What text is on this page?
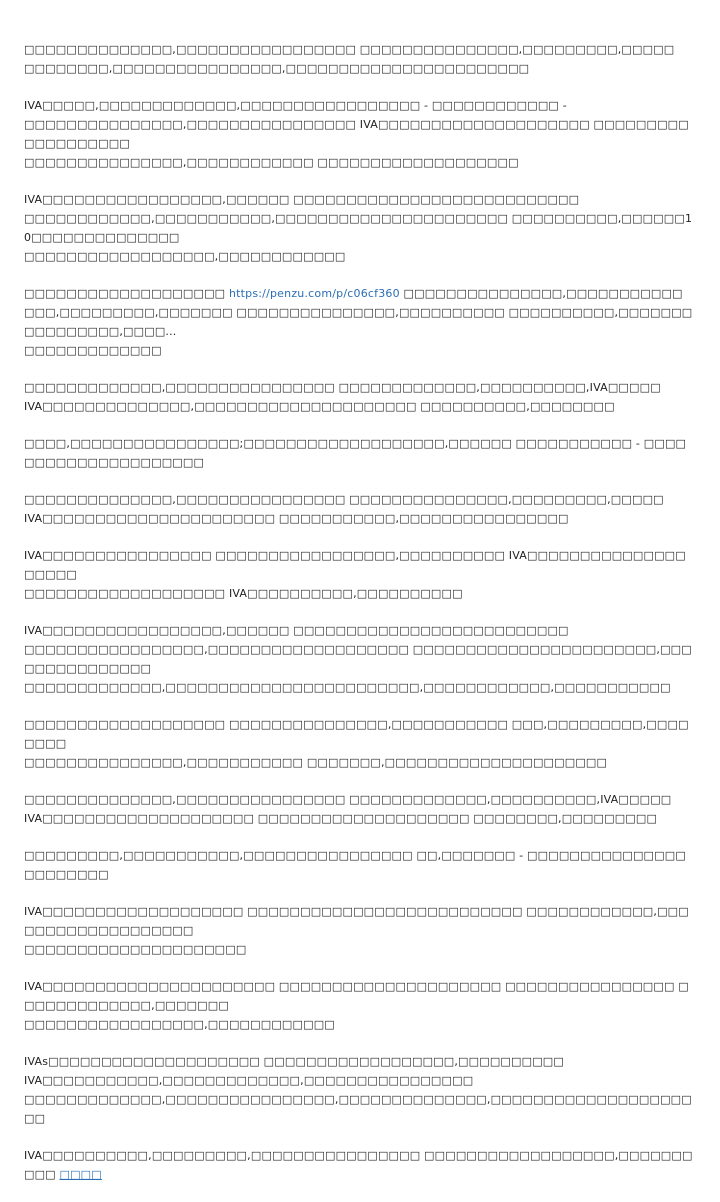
□□□□□□□□□□□□□□,□□□□□□□□□□□□□□□□□ □□□□□□□□□□□□□□□,□□□□□□□□□,□□□□□
□□□□□□□□,□□□□□□□□□□□□□□□□,□□□□□□□□□□□□□□□□□□□□□□□

IVA□□□□□,□□□□□□□□□□□□□,□□□□□□□□□□□□□□□□□ - □□□□□□□□□□□□ -
□□□□□□□□□□□□□□□,□□□□□□□□□□□□□□□□ IVA□□□□□□□□□□□□□□□□□□□□ □□□□□□□□□□□□□□□□□□□
□□□□□□□□□□□□□□□,□□□□□□□□□□□□ □□□□□□□□□□□□□□□□□□□

IVA□□□□□□□□□□□□□□□□□,□□□□□□ □□□□□□□□□□□□□□□□□□□□□□□□□□□
□□□□□□□□□□□□,□□□□□□□□□□□,□□□□□□□□□□□□□□□□□□□□□□ □□□□□□□□□□,□□□□□□10□□□□□□□□□□□□□□
□□□□□□□□□□□□□□□□□□,□□□□□□□□□□□□

□□□□□□□□□□□□□□□□□□□ https://penzu.com/p/c06cf360 □□□□□□□□□□□□□□□,□□□□□□□□□□□
□□□,□□□□□□□□□,□□□□□□□ □□□□□□□□□□□□□□□,□□□□□□□□□□ □□□□□□□□□□,□□□□□□□□□□□□□□□□,□□□□...
□□□□□□□□□□□□□

□□□□□□□□□□□□□,□□□□□□□□□□□□□□□□ □□□□□□□□□□□□□,□□□□□□□□□□,IVA□□□□□
IVA□□□□□□□□□□□□□□,□□□□□□□□□□□□□□□□□□□□□ □□□□□□□□□□,□□□□□□□□

□□□□,□□□□□□□□□□□□□□□□;□□□□□□□□□□□□□□□□□□□,□□□□□□ □□□□□□□□□□□ - □□□□□□□□□□□□□□□□□□□□□

□□□□□□□□□□□□□□,□□□□□□□□□□□□□□□□ □□□□□□□□□□□□□□□,□□□□□□□□□,□□□□□
IVA□□□□□□□□□□□□□□□□□□□□□□ □□□□□□□□□□□,□□□□□□□□□□□□□□□□

IVA□□□□□□□□□□□□□□□□ □□□□□□□□□□□□□□□□□,□□□□□□□□□□ IVA□□□□□□□□□□□□□□□□□□□□
□□□□□□□□□□□□□□□□□□□ IVA□□□□□□□□□□,□□□□□□□□□□

IVA□□□□□□□□□□□□□□□□□,□□□□□□ □□□□□□□□□□□□□□□□□□□□□□□□□□
□□□□□□□□□□□□□□□□□,□□□□□□□□□□□□□□□□□□□ □□□□□□□□□□□□□□□□□□□□□□□,□□□□□□□□□□□□□□□
□□□□□□□□□□□□□,□□□□□□□□□□□□□□□□□□□□□□□□,□□□□□□□□□□□□,□□□□□□□□□□□

□□□□□□□□□□□□□□□□□□□ □□□□□□□□□□□□□□□,□□□□□□□□□□□ □□□,□□□□□□□□□,□□□□□□□□
□□□□□□□□□□□□□□□,□□□□□□□□□□□ □□□□□□□,□□□□□□□□□□□□□□□□□□□□□

□□□□□□□□□□□□□□,□□□□□□□□□□□□□□□□ □□□□□□□□□□□□□,□□□□□□□□□□,IVA□□□□□
IVA□□□□□□□□□□□□□□□□□□□□ □□□□□□□□□□□□□□□□□□□□ □□□□□□□□,□□□□□□□□□

□□□□□□□□□,□□□□□□□□□□□,□□□□□□□□□□□□□□□□ □□,□□□□□□□ - □□□□□□□□□□□□□□□□□□□□□□□

IVA□□□□□□□□□□□□□□□□□□□ □□□□□□□□□□□□□□□□□□□□□□□□□□ □□□□□□□□□□□□,□□□□□□□□□□□□□□□□□□□
□□□□□□□□□□□□□□□□□□□□□

IVA□□□□□□□□□□□□□□□□□□□□□□ □□□□□□□□□□□□□□□□□□□□□ □□□□□□□□□□□□□□□□ □□□□□□□□□□□□□,□□□□□□□
□□□□□□□□□□□□□□□□□,□□□□□□□□□□□□

IVAs□□□□□□□□□□□□□□□□□□□□ □□□□□□□□□□□□□□□□□□,□□□□□□□□□□
IVA□□□□□□□□□□□,□□□□□□□□□□□□□,□□□□□□□□□□□□□□□□
□□□□□□□□□□□□□,□□□□□□□□□□□□□□□□,□□□□□□□□□□□□□□,□□□□□□□□□□□□□□□□□□□□□

IVA□□□□□□□□□□,□□□□□□□□□,□□□□□□□□□□□□□□□□ □□□□□□□□□□□□□□□□□□,□□□□□□□□□□ □□□□
